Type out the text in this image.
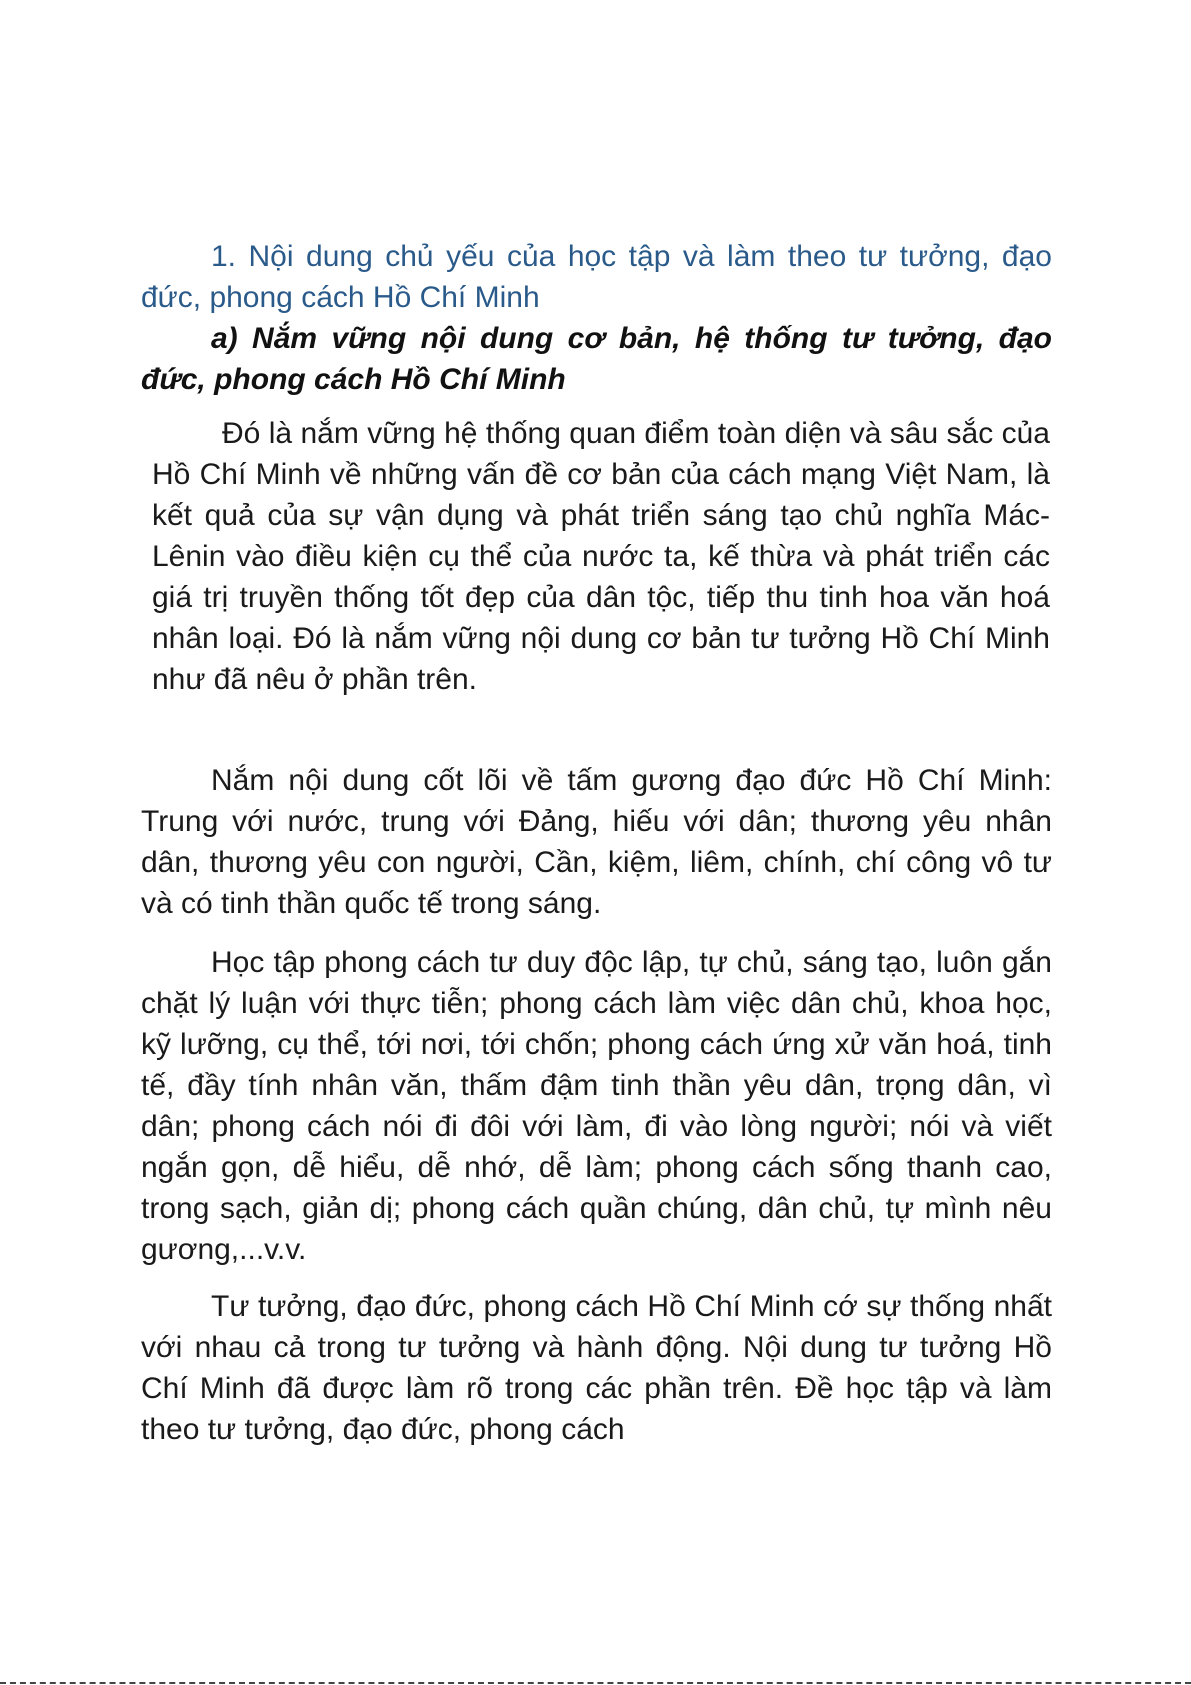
1. Nội dung chủ yếu của học tập và làm theo tư tưởng, đạo đức, phong cách Hồ Chí Minh
a) Nắm vững nội dung cơ bản, hệ thống tư tưởng, đạo đức, phong cách Hồ Chí Minh

Đó là nắm vững hệ thống quan điểm toàn diện và sâu sắc của Hồ Chí Minh về những vấn đề cơ bản của cách mạng Việt Nam, là kết quả của sự vận dụng và phát triển sáng tạo chủ nghĩa Mác-Lênin vào điều kiện cụ thể của nước ta, kế thừa và phát triển các giá trị truyền thống tốt đẹp của dân tộc, tiếp thu tinh hoa văn hoá nhân loại. Đó là nắm vững nội dung cơ bản tư tưởng Hồ Chí Minh như đã nêu ở phần trên.

Nắm nội dung cốt lõi về tấm gương đạo đức Hồ Chí Minh: Trung với nước, trung với Đảng, hiếu với dân; thương yêu nhân dân, thương yêu con người, Cần, kiệm, liêm, chính, chí công vô tư và có tinh thần quốc tế trong sáng.

Học tập phong cách tư duy độc lập, tự chủ, sáng tạo, luôn gắn chặt lý luận với thực tiễn; phong cách làm việc dân chủ, khoa học, kỹ lưỡng, cụ thể, tới nơi, tới chốn; phong cách ứng xử văn hoá, tinh tế, đầy tính nhân văn, thấm đậm tinh thần yêu dân, trọng dân, vì dân; phong cách nói đi đôi với làm, đi vào lòng người; nói và viết ngắn gọn, dễ hiểu, dễ nhớ, dễ làm; phong cách sống thanh cao, trong sạch, giản dị; phong cách quần chúng, dân chủ, tự mình nêu gương,...v.v.

Tư tưởng, đạo đức, phong cách Hồ Chí Minh cớ sự thống nhất với nhau cả trong tư tưởng và hành động. Nội dung tư tưởng Hồ Chí Minh đã được làm rõ trong các phần trên. Đề học tập và làm theo tư tưởng, đạo đức, phong cách
